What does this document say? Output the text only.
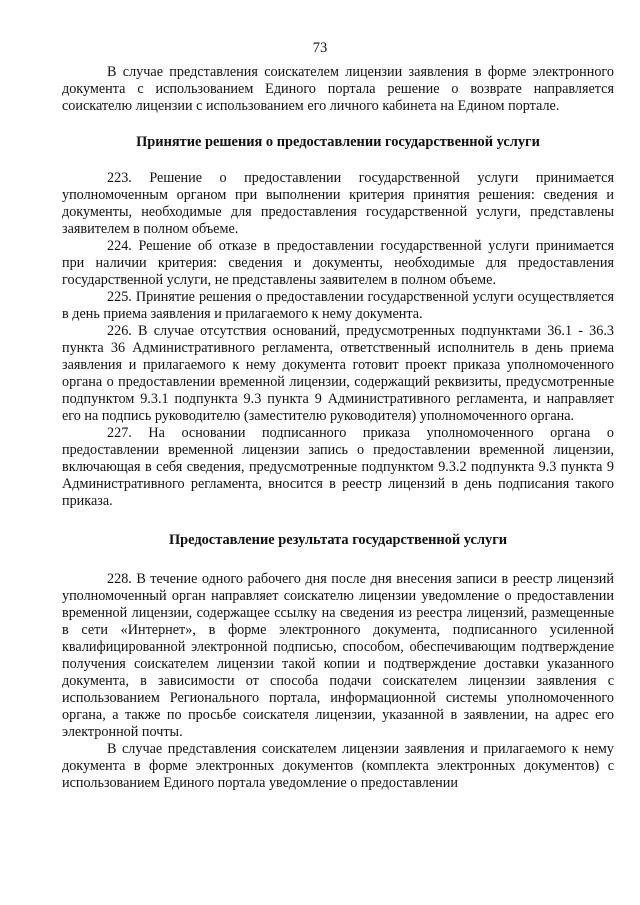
73

В случае представления соискателем лицензии заявления в форме электронного документа с использованием Единого портала решение о возврате направляется соискателю лицензии с использованием его личного кабинета на Едином портале.

Принятие решения о предоставлении государственной услуги

223. Решение о предоставлении государственной услуги принимается уполномоченным органом при выполнении критерия принятия решения: сведения и документы, необходимые для предоставления государственной услуги, представлены заявителем в полном объеме.

224. Решение об отказе в предоставлении государственной услуги принимается при наличии критерия: сведения и документы, необходимые для предоставления государственной услуги, не представлены заявителем в полном объеме.

225. Принятие решения о предоставлении государственной услуги осуществляется в день приема заявления и прилагаемого к нему документа.

226. В случае отсутствия оснований, предусмотренных подпунктами 36.1 - 36.3 пункта 36 Административного регламента, ответственный исполнитель в день приема заявления и прилагаемого к нему документа готовит проект приказа уполномоченного органа о предоставлении временной лицензии, содержащий реквизиты, предусмотренные подпунктом 9.3.1 подпункта 9.3 пункта 9 Административного регламента, и направляет его на подпись руководителю (заместителю руководителя) уполномоченного органа.

227. На основании подписанного приказа уполномоченного органа о предоставлении временной лицензии запись о предоставлении временной лицензии, включающая в себя сведения, предусмотренные подпунктом 9.3.2 подпункта 9.3 пункта 9 Административного регламента, вносится в реестр лицензий в день подписания такого приказа.

Предоставление результата государственной услуги

228. В течение одного рабочего дня после дня внесения записи в реестр лицензий уполномоченный орган направляет соискателю лицензии уведомление о предоставлении временной лицензии, содержащее ссылку на сведения из реестра лицензий, размещенные в сети «Интернет», в форме электронного документа, подписанного усиленной квалифицированной электронной подписью, способом, обеспечивающим подтверждение получения соискателем лицензии такой копии и подтверждение доставки указанного документа, в зависимости от способа подачи соискателем лицензии заявления с использованием Регионального портала, информационной системы уполномоченного органа, а также по просьбе соискателя лицензии, указанной в заявлении, на адрес его электронной почты.

В случае представления соискателем лицензии заявления и прилагаемого к нему документа в форме электронных документов (комплекта электронных документов) с использованием Единого портала уведомление о предоставлении
